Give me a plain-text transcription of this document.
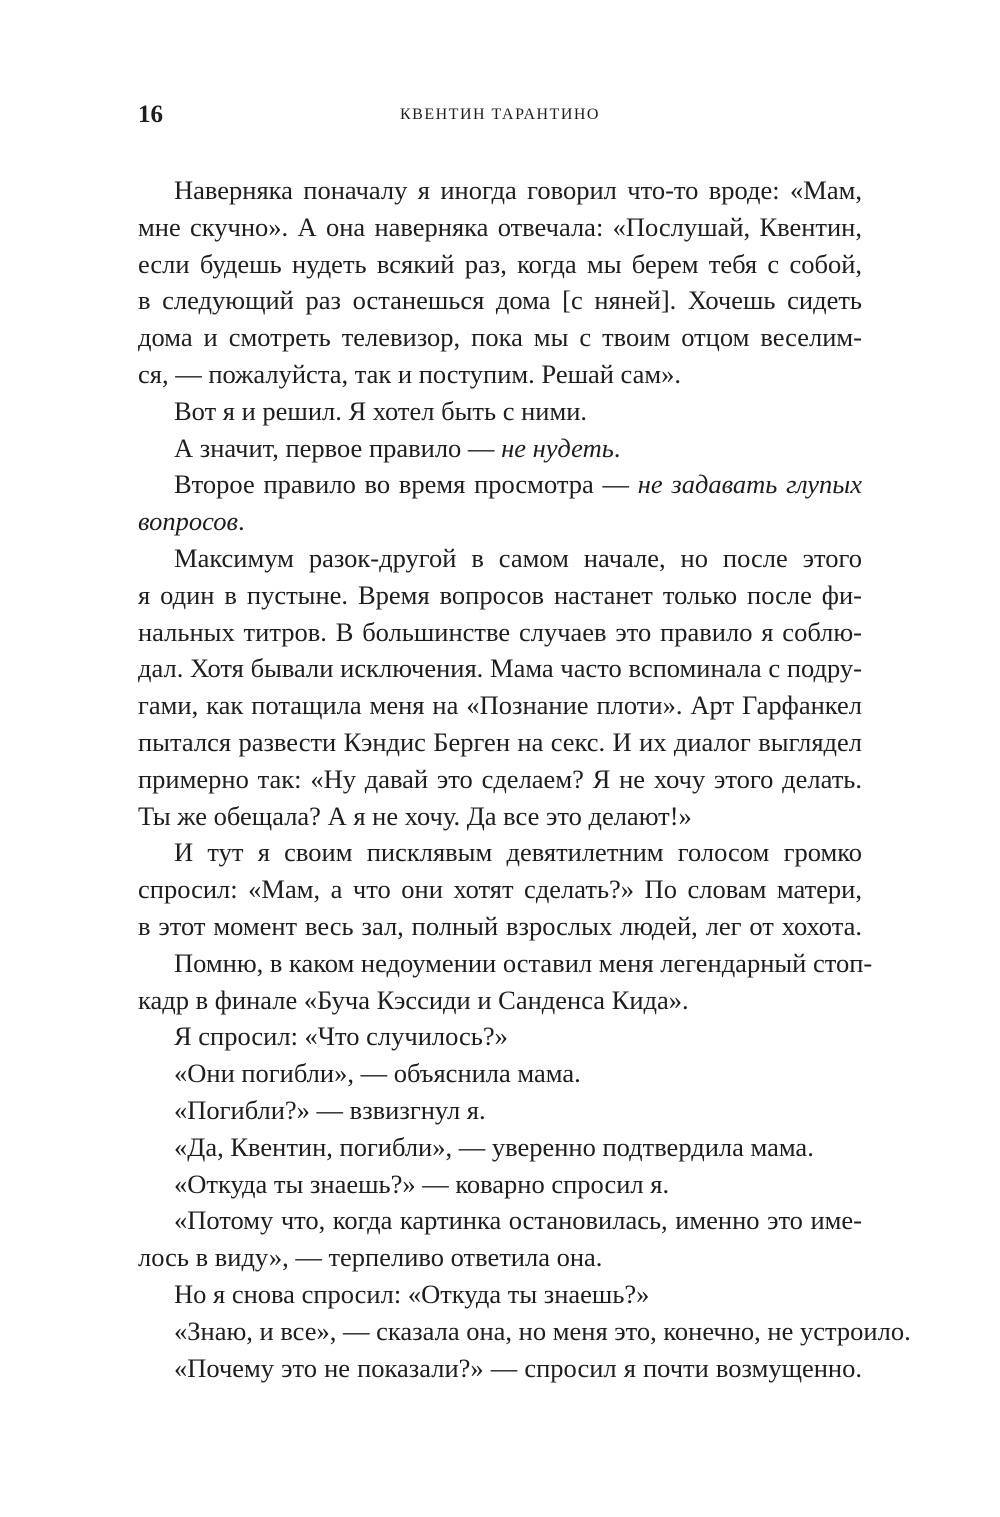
16	КВЕНТИН ТАРАНТИНО
Наверняка поначалу я иногда говорил что-то вроде: «Мам,
мне скучно». А она наверняка отвечала: «Послушай, Квентин,
если будешь нудеть всякий раз, когда мы берем тебя с собой,
в следующий раз останешься дома [с няней]. Хочешь сидеть
дома и смотреть телевизор, пока мы с твоим отцом веселим-
ся, — пожалуйста, так и поступим. Решай сам».
Вот я и решил. Я хотел быть с ними.
А значит, первое правило — не нудеть.
Второе правило во время просмотра — не задавать глупых
вопросов.
Максимум разок-другой в самом начале, но после этого
я один в пустыне. Время вопросов настанет только после фи-
нальных титров. В большинстве случаев это правило я соблю-
дал. Хотя бывали исключения. Мама часто вспоминала с подру-
гами, как потащила меня на «Познание плоти». Арт Гарфанкел
пытался развести Кэндис Берген на секс. И их диалог выглядел
примерно так: «Ну давай это сделаем? Я не хочу этого делать.
Ты же обещала? А я не хочу. Да все это делают!»
И тут я своим писклявым девятилетним голосом громко
спросил: «Мам, а что они хотят сделать?» По словам матери,
в этот момент весь зал, полный взрослых людей, лег от хохота.
Помню, в каком недоумении оставил меня легендарный стоп-
кадр в финале «Буча Кэссиди и Санденса Кида».
Я спросил: «Что случилось?»
«Они погибли», — объяснила мама.
«Погибли?» — взвизгнул я.
«Да, Квентин, погибли», — уверенно подтвердила мама.
«Откуда ты знаешь?» — коварно спросил я.
«Потому что, когда картинка остановилась, именно это име-
лось в виду», — терпеливо ответила она.
Но я снова спросил: «Откуда ты знаешь?»
«Знаю, и все», — сказала она, но меня это, конечно, не устроило.
«Почему это не показали?» — спросил я почти возмущенно.
